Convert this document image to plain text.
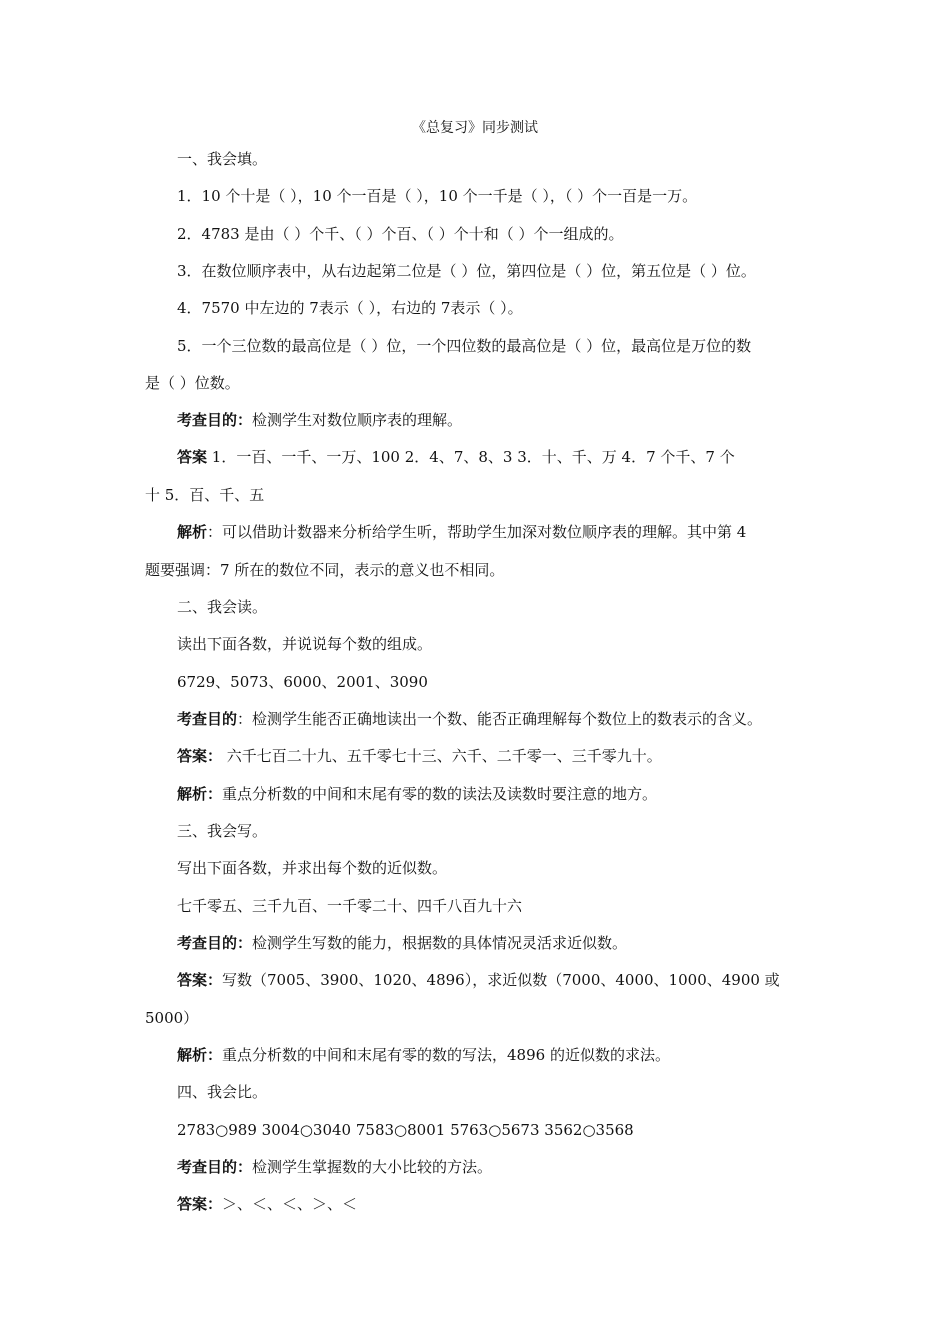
《总复习》同步测试
一、我会填。
1．10 个十是（ ），10 个一百是（ ），10 个一千是（ ），（ ）个一百是一万。
2．4783 是由（ ）个千、（ ）个百、（ ）个十和（ ）个一组成的。
3．在数位顺序表中，从右边起第二位是（ ）位，第四位是（ ）位，第五位是（ ）位。
4．7570 中左边的 7表示（ ），右边的 7表示（ ）。
5．一个三位数的最高位是（ ）位，一个四位数的最高位是（ ）位，最高位是万位的数
是（ ）位数。
考查目的：检测学生对数位顺序表的理解。
答案 1．一百、一千、一万、100 2．4、7、8、3 3．十、千、万 4．7 个千、7 个
十 5．百、千、五
解析：可以借助计数器来分析给学生听，帮助学生加深对数位顺序表的理解。其中第 4
题要强调：7 所在的数位不同，表示的意义也不相同。
二、我会读。
读出下面各数，并说说每个数的组成。
6729、5073、6000、2001、3090
考查目的：检测学生能否正确地读出一个数、能否正确理解每个数位上的数表示的含义。
答案： 六千七百二十九、五千零七十三、六千、二千零一、三千零九十。
解析：重点分析数的中间和末尾有零的数的读法及读数时要注意的地方。
三、我会写。
写出下面各数，并求出每个数的近似数。
七千零五、三千九百、一千零二十、四千八百九十六
考查目的：检测学生写数的能力，根据数的具体情况灵活求近似数。
答案：写数（7005、3900、1020、4896），求近似数（7000、4000、1000、4900 或
5000）
解析：重点分析数的中间和末尾有零的数的写法，4896 的近似数的求法。
四、我会比。
2783○989 3004○3040 7583○8001 5763○5673 3562○3568
考查目的：检测学生掌握数的大小比较的方法。
答案：＞、＜、＜、＞、＜
